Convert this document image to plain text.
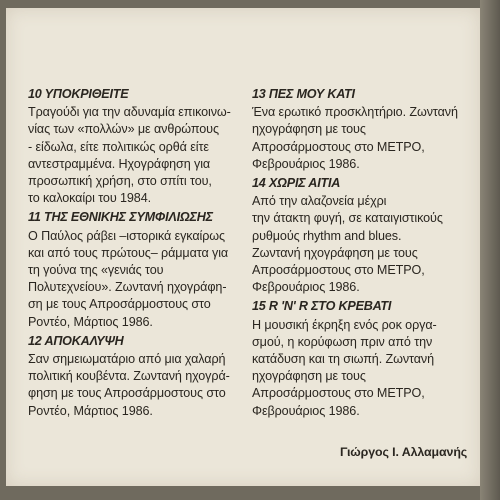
10 ΥΠΟΚΡΙΘΕΙΤΕ
Τραγούδι για την αδυναμία επικοινω-
νίας των «πολλών» με ανθρώπους
- είδωλα, είτε πολιτικώς ορθά είτε
αντεστραμμένα. Ηχογράφηση για
προσωπική χρήση, στο σπίτι του,
το καλοκαίρι του 1984.
11 ΤΗΣ ΕΘΝΙΚΗΣ ΣΥΜΦΙΛΙΩΣΗΣ
Ο Παύλος ράβει –ιστορικά εγκαίρως
και από τους πρώτους– ράμματα για
τη γούνα της «γενιάς του
Πολυτεχνείου». Ζωντανή ηχογράφη-
ση με τους Απροσάρμοστους στο
Ροντέο, Μάρτιος 1986.
12 ΑΠΟΚΑΛΥΨΗ
Σαν σημειωματάριο από μια χαλαρή
πολιτική κουβέντα. Ζωντανή ηχογρά-
φηση με τους Απροσάρμοστους στο
Ροντέο, Μάρτιος 1986.
13 ΠΕΣ ΜΟΥ ΚΑΤΙ
Ένα ερωτικό προσκλητήριο. Ζωντανή
ηχογράφηση με τους
Απροσάρμοστους στο ΜΕΤΡΟ,
Φεβρουάριος 1986.
14 ΧΩΡΙΣ ΑΙΤΙΑ
Από την αλαζονεία μέχρι
την άτακτη φυγή, σε καταιγιστικούς
ρυθμούς rhythm and blues.
Ζωντανή ηχογράφηση με τους
Απροσάρμοστους στο ΜΕΤΡΟ,
Φεβρουάριος 1986.
15 R 'N' R ΣΤΟ ΚΡΕΒΑΤΙ
Η μουσική έκρηξη ενός ροκ οργα-
σμού, η κορύφωση πριν από την
κατάδυση και τη σιωπή. Ζωντανή
ηχογράφηση με τους
Απροσάρμοστους στο ΜΕΤΡΟ,
Φεβρουάριος 1986.
Γιώργος Ι. Αλλαμανής
